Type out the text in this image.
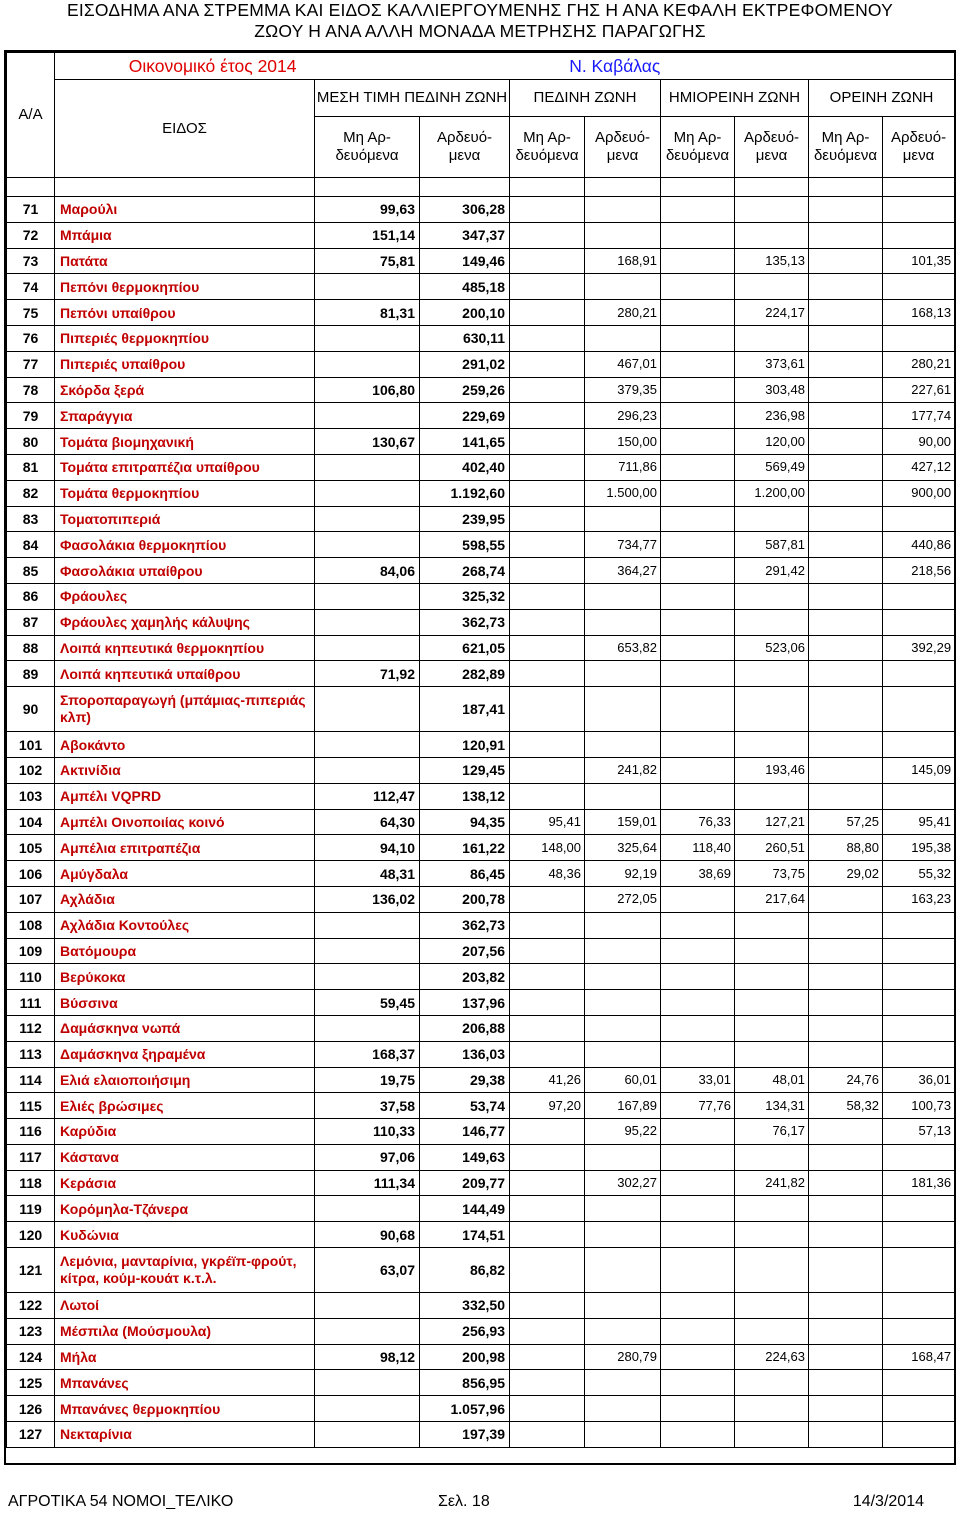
ΕΙΣΟΔΗΜΑ ΑΝΑ ΣΤΡΕΜΜΑ ΚΑΙ ΕΙΔΟΣ ΚΑΛΛΙΕΡΓΟΥΜΕΝΗΣ ΓΗΣ Η ΑΝΑ ΚΕΦΑΛΗ ΕΚΤΡΕΦΟΜΕΝΟΥ
ΖΩΟΥ Η ΑΝΑ ΑΛΛΗ ΜΟΝΑΔΑ ΜΕΤΡΗΣΗΣ ΠΑΡΑΓΩΓΗΣ
Α/Α	Οικονομικό έτος 2014	Ν. Καβάλας							
	ΕΙΔΟΣ	ΜΕΣΗ ΤΙΜΗ ΠΕΔΙΝΗ ΖΩΝΗ		ΠΕΔΙΝΗ ΖΩΝΗ		ΗΜΙΟΡΕΙΝΗ ΖΩΝΗ		ΟΡΕΙΝΗ ΖΩΝΗ	
		Μη Αρ- δευόμενα	Αρδευό- μενα	Μη Αρ- δευόμενα	Αρδευό- μενα	Μη Αρ- δευόμενα	Αρδευό- μενα	Μη Αρ- δευόμενα	Αρδευό- μενα

71	Μαρούλι	99,63	306,28						
72	Μπάμια	151,14	347,37						
73	Πατάτα	75,81	149,46		168,91		135,13		101,35
74	Πεπόνι θερμοκηπίου		485,18						
75	Πεπόνι υπαίθρου	81,31	200,10		280,21		224,17		168,13
76	Πιπεριές θερμοκηπίου		630,11						
77	Πιπεριές υπαίθρου		291,02		467,01		373,61		280,21
78	Σκόρδα ξερά	106,80	259,26		379,35		303,48		227,61
79	Σπαράγγια		229,69		296,23		236,98		177,74
80	Τομάτα βιομηχανική	130,67	141,65		150,00		120,00		90,00
81	Τομάτα επιτραπέζια υπαίθρου		402,40		711,86		569,49		427,12
82	Τομάτα θερμοκηπίου		1.192,60		1.500,00		1.200,00		900,00
83	Τοματοπιπεριά		239,95						
84	Φασολάκια θερμοκηπίου		598,55		734,77		587,81		440,86
85	Φασολάκια υπαίθρου	84,06	268,74		364,27		291,42		218,56
86	Φράουλες		325,32						
87	Φράουλες χαμηλής κάλυψης		362,73						
88	Λοιπά κηπευτικά θερμοκηπίου		621,05		653,82		523,06		392,29
89	Λοιπά κηπευτικά υπαίθρου	71,92	282,89						
90	Σποροπαραγωγή (μπάμιας-πιπεριάς κλπ)		187,41						
101	Αβοκάντο		120,91						
102	Ακτινίδια		129,45		241,82		193,46		145,09
103	Αμπέλι VQPRD	112,47	138,12						
104	Αμπέλι Οινοποιίας κοινό	64,30	94,35	95,41	159,01	76,33	127,21	57,25	95,41
105	Αμπέλια επιτραπέζια	94,10	161,22	148,00	325,64	118,40	260,51	88,80	195,38
106	Αμύγδαλα	48,31	86,45	48,36	92,19	38,69	73,75	29,02	55,32
107	Αχλάδια	136,02	200,78		272,05		217,64		163,23
108	Αχλάδια Κοντούλες		362,73						
109	Βατόμουρα		207,56						
110	Βερύκοκα		203,82						
111	Βύσσινα	59,45	137,96						
112	Δαμάσκηνα νωπά		206,88						
113	Δαμάσκηνα ξηραμένα	168,37	136,03						
114	Ελιά ελαιοποιήσιμη	19,75	29,38	41,26	60,01	33,01	48,01	24,76	36,01
115	Ελιές βρώσιμες	37,58	53,74	97,20	167,89	77,76	134,31	58,32	100,73
116	Καρύδια	110,33	146,77		95,22		76,17		57,13
117	Κάστανα	97,06	149,63						
118	Κεράσια	111,34	209,77		302,27		241,82		181,36
119	Κορόμηλα-Τζάνερα		144,49						
120	Κυδώνια	90,68	174,51						
121	Λεμόνια, μανταρίνια, γκρέϊπ-φρούτ, κίτρα, κούμ-κουάτ κ.τ.λ.	63,07	86,82						
122	Λωτοί		332,50						
123	Μέσπιλα (Μούσμουλα)		256,93						
124	Μήλα	98,12	200,98		280,79		224,63		168,47
125	Μπανάνες		856,95						
126	Μπανάνες θερμοκηπίου		1.057,96						
127	Νεκταρίνια		197,39						
ΑΓΡΟΤΙΚΑ 54 ΝΟΜΟΙ_ΤΕΛΙΚΟ	Σελ. 18	14/3/2014
